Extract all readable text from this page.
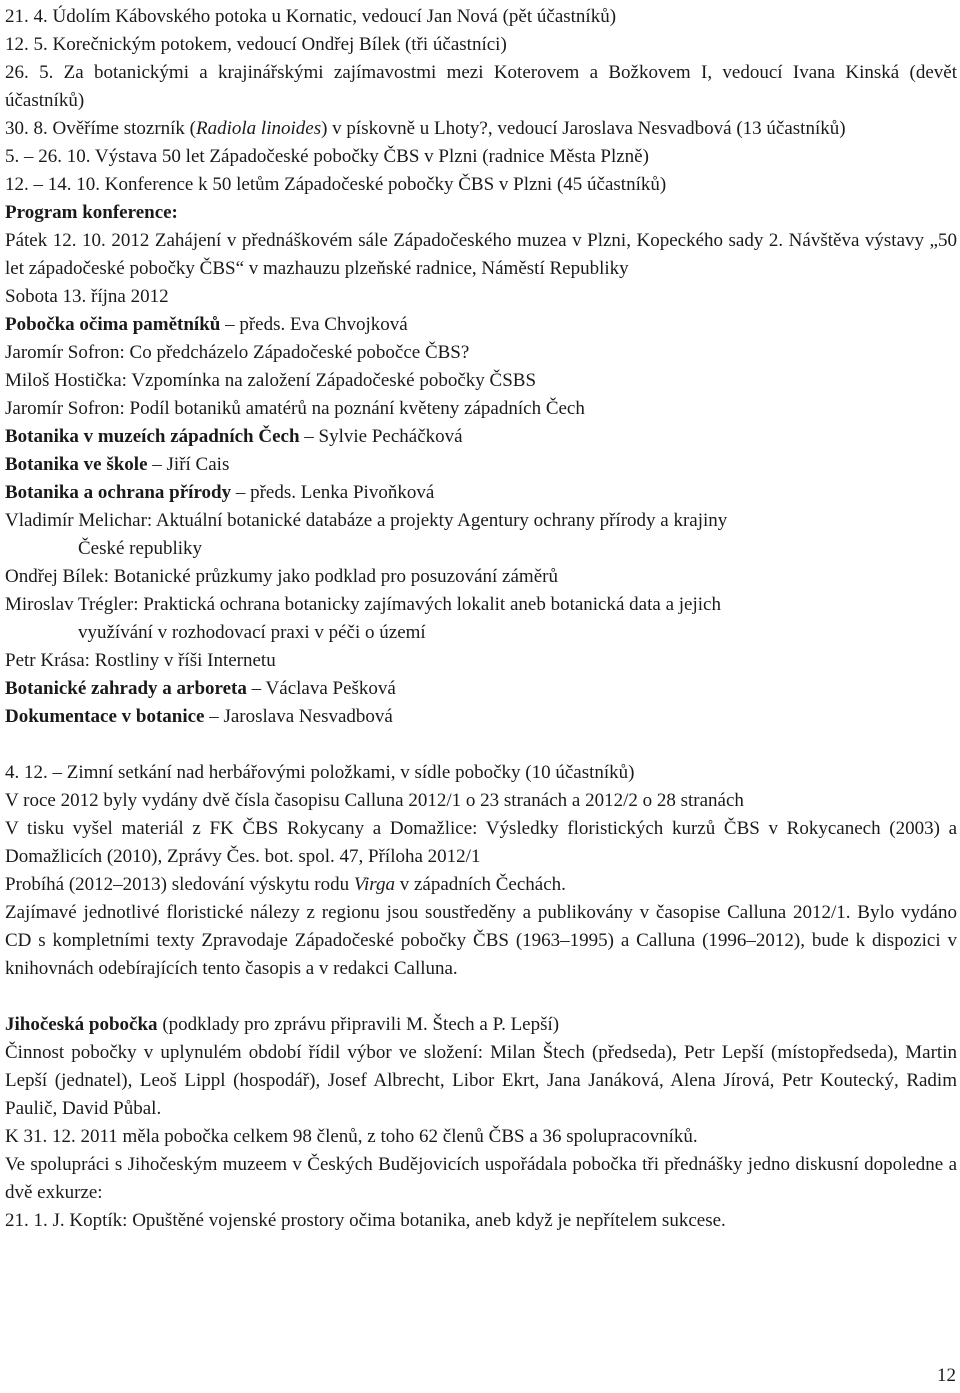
21. 4. Údolím Kábovského potoka u Kornatic, vedoucí Jan Nová (pět účastníků)

12. 5. Korečnickým potokem, vedoucí Ondřej Bílek (tři účastníci)

26. 5. Za botanickými a krajinářskými zajímavostmi mezi Koterovem a Božkovem I, vedoucí Ivana Kinská (devět účastníků)

30. 8. Ověříme stozrník (Radiola linoides) v pískovně u Lhoty?, vedoucí Jaroslava Nesvadbová (13 účastníků)

5. – 26. 10. Výstava 50 let Západočeské pobočky ČBS v Plzni (radnice Města Plzně)

12. – 14. 10. Konference k 50 letům Západočeské pobočky ČBS v Plzni (45 účastníků)

Program konference:

Pátek 12. 10. 2012 Zahájení v přednáškovém sále Západočeského muzea v Plzni, Kopeckého sady 2. Návštěva výstavy „50 let západočeské pobočky ČBS“ v mazhauzu plzeňské radnice, Náměstí Republiky

Sobota 13. října 2012

Pobočka očima pamětníků – předs. Eva Chvojková

Jaromír Sofron: Co předcházelo Západočeské pobočce ČBS?

Miloš Hostička: Vzpomínka na založení Západočeské pobočky ČSBS

Jaromír Sofron: Podíl botaniků amatérů na poznání květeny západních Čech

Botanika v muzeích západních Čech – Sylvie Pecháčková

Botanika ve škole – Jiří Cais

Botanika a ochrana přírody – předs. Lenka Pivoňková

Vladimír Melichar: Aktuální botanické databáze a projekty Agentury ochrany přírody a krajiny

České republiky

Ondřej Bílek: Botanické průzkumy jako podklad pro posuzování záměrů

Miroslav Trégler: Praktická ochrana botanicky zajímavých lokalit aneb botanická data a jejich

využívání v rozhodovací praxi v péči o území

Petr Krása: Rostliny v říši Internetu

Botanické zahrady a arboreta – Václava Pešková

Dokumentace v botanice – Jaroslava Nesvadbová

4. 12. – Zimní setkání nad herbářovými položkami, v sídle pobočky (10 účastníků)

V roce 2012 byly vydány dvě čísla časopisu Calluna 2012/1 o 23 stranách a 2012/2 o 28 stranách

V tisku vyšel materiál z FK ČBS Rokycany a Domažlice: Výsledky floristických kurzů ČBS v Rokycanech (2003) a Domažlicích (2010), Zprávy Čes. bot. spol. 47, Příloha 2012/1

Probíhá (2012–2013) sledování výskytu rodu Virga v západních Čechách.

Zajímavé jednotlivé floristické nálezy z regionu jsou soustředěny a publikovány v časopise Calluna 2012/1. Bylo vydáno CD s kompletními texty Zpravodaje Západočeské pobočky ČBS (1963–1995) a Calluna (1996–2012), bude k dispozici v knihovnách odebírajících tento časopis a v redakci Calluna.

Jihočeská pobočka (podklady pro zprávu připravili M. Štech a P. Lepší)

Činnost pobočky v uplynulém období řídil výbor ve složení: Milan Štech (předseda), Petr Lepší (místopředseda), Martin Lepší (jednatel), Leoš Lippl (hospodář), Josef Albrecht, Libor Ekrt, Jana Janáková, Alena Jírová, Petr Koutecký, Radim Paulič, David Půbal.

K 31. 12. 2011 měla pobočka celkem 98 členů, z toho 62 členů ČBS a 36 spolupracovníků.

Ve spolupráci s Jihočeským muzeem v Českých Budějovicích uspořádala pobočka tři přednášky jedno diskusní dopoledne a dvě exkurze:

21. 1. J. Koptík: Opuštěné vojenské prostory očima botanika, aneb když je nepřítelem sukcese.

12
